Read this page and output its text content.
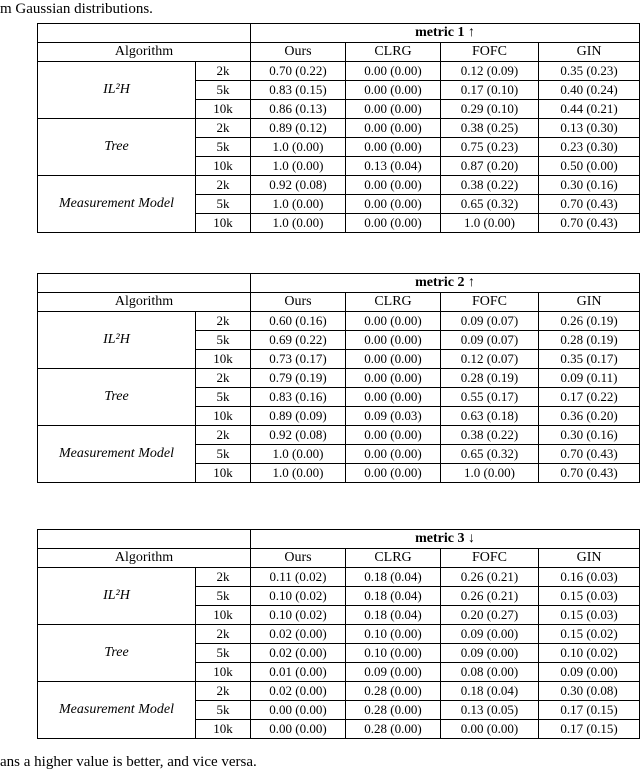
m Gaussian distributions.
		metric 1 ↑			
Algorithm		Ours	CLRG	FOFC	GIN
IL²H	2k	0.70 (0.22)	0.00 (0.00)	0.12 (0.09)	0.35 (0.23)
	5k	0.83 (0.15)	0.00 (0.00)	0.17 (0.10)	0.40 (0.24)
	10k	0.86 (0.13)	0.00 (0.00)	0.29 (0.10)	0.44 (0.21)
Tree	2k	0.89 (0.12)	0.00 (0.00)	0.38 (0.25)	0.13 (0.30)
	5k	1.0 (0.00)	0.00 (0.00)	0.75 (0.23)	0.23 (0.30)
	10k	1.0 (0.00)	0.13 (0.04)	0.87 (0.20)	0.50 (0.00)
Measurement Model	2k	0.92 (0.08)	0.00 (0.00)	0.38 (0.22)	0.30 (0.16)
	5k	1.0 (0.00)	0.00 (0.00)	0.65 (0.32)	0.70 (0.43)
	10k	1.0 (0.00)	0.00 (0.00)	1.0 (0.00)	0.70 (0.43)
		metric 2 ↑			
Algorithm		Ours	CLRG	FOFC	GIN
IL²H	2k	0.60 (0.16)	0.00 (0.00)	0.09 (0.07)	0.26 (0.19)
	5k	0.69 (0.22)	0.00 (0.00)	0.09 (0.07)	0.28 (0.19)
	10k	0.73 (0.17)	0.00 (0.00)	0.12 (0.07)	0.35 (0.17)
Tree	2k	0.79 (0.19)	0.00 (0.00)	0.28 (0.19)	0.09 (0.11)
	5k	0.83 (0.16)	0.00 (0.00)	0.55 (0.17)	0.17 (0.22)
	10k	0.89 (0.09)	0.09 (0.03)	0.63 (0.18)	0.36 (0.20)
Measurement Model	2k	0.92 (0.08)	0.00 (0.00)	0.38 (0.22)	0.30 (0.16)
	5k	1.0 (0.00)	0.00 (0.00)	0.65 (0.32)	0.70 (0.43)
	10k	1.0 (0.00)	0.00 (0.00)	1.0 (0.00)	0.70 (0.43)
		metric 3 ↓			
Algorithm		Ours	CLRG	FOFC	GIN
IL²H	2k	0.11 (0.02)	0.18 (0.04)	0.26 (0.21)	0.16 (0.03)
	5k	0.10 (0.02)	0.18 (0.04)	0.26 (0.21)	0.15 (0.03)
	10k	0.10 (0.02)	0.18 (0.04)	0.20 (0.27)	0.15 (0.03)
Tree	2k	0.02 (0.00)	0.10 (0.00)	0.09 (0.00)	0.15 (0.02)
	5k	0.02 (0.00)	0.10 (0.00)	0.09 (0.00)	0.10 (0.02)
	10k	0.01 (0.00)	0.09 (0.00)	0.08 (0.00)	0.09 (0.00)
Measurement Model	2k	0.02 (0.00)	0.28 (0.00)	0.18 (0.04)	0.30 (0.08)
	5k	0.00 (0.00)	0.28 (0.00)	0.13 (0.05)	0.17 (0.15)
	10k	0.00 (0.00)	0.28 (0.00)	0.00 (0.00)	0.17 (0.15)
ans a higher value is better, and vice versa.
